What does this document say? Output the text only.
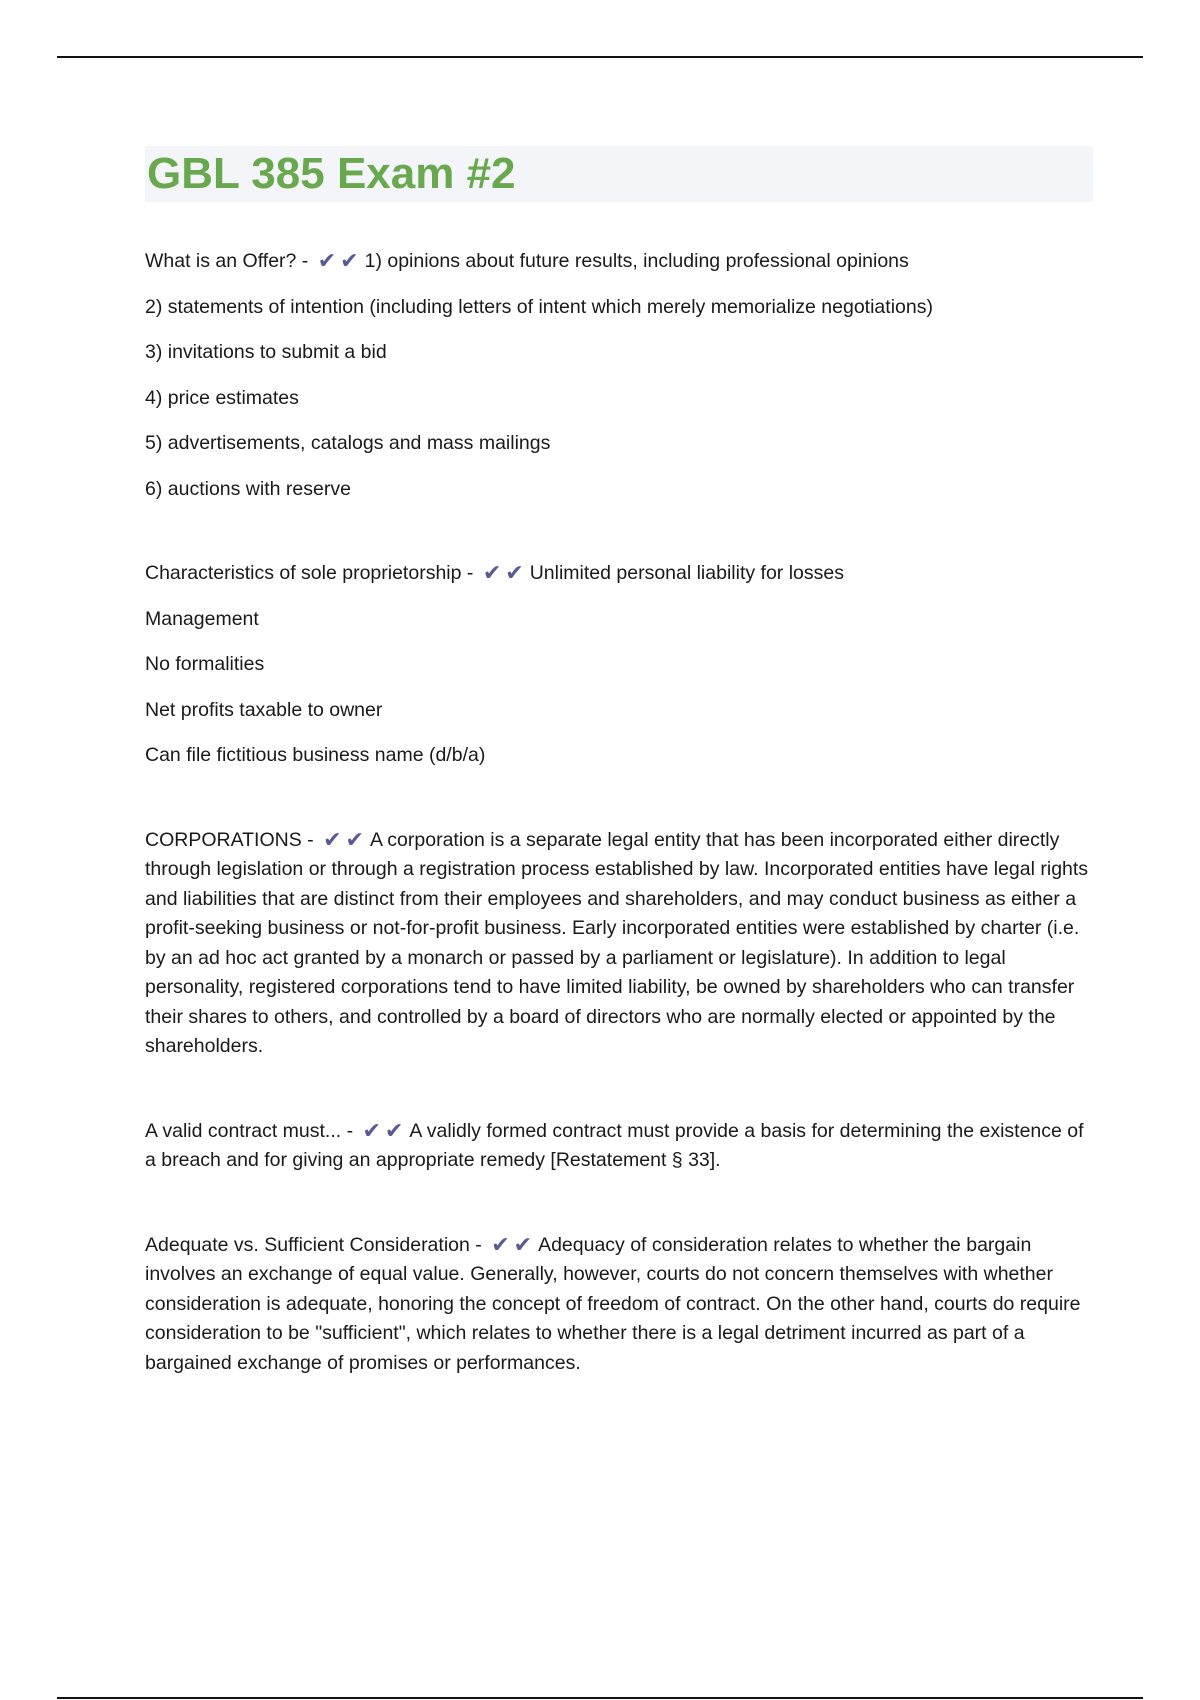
GBL 385 Exam #2

What is an Offer? - ✔✔ 1) opinions about future results, including professional opinions

2) statements of intention (including letters of intent which merely memorialize negotiations)

3) invitations to submit a bid

4) price estimates

5) advertisements, catalogs and mass mailings

6) auctions with reserve

Characteristics of sole proprietorship - ✔✔ Unlimited personal liability for losses

Management

No formalities

Net profits taxable to owner

Can file fictitious business name (d/b/a)

CORPORATIONS - ✔✔ A corporation is a separate legal entity that has been incorporated either directly through legislation or through a registration process established by law. Incorporated entities have legal rights and liabilities that are distinct from their employees and shareholders, and may conduct business as either a profit-seeking business or not-for-profit business. Early incorporated entities were established by charter (i.e. by an ad hoc act granted by a monarch or passed by a parliament or legislature). In addition to legal personality, registered corporations tend to have limited liability, be owned by shareholders who can transfer their shares to others, and controlled by a board of directors who are normally elected or appointed by the shareholders.

A valid contract must... - ✔✔ A validly formed contract must provide a basis for determining the existence of a breach and for giving an appropriate remedy [Restatement § 33].

Adequate vs. Sufficient Consideration - ✔✔ Adequacy of consideration relates to whether the bargain involves an exchange of equal value. Generally, however, courts do not concern themselves with whether consideration is adequate, honoring the concept of freedom of contract. On the other hand, courts do require consideration to be "sufficient", which relates to whether there is a legal detriment incurred as part of a bargained exchange of promises or performances.
